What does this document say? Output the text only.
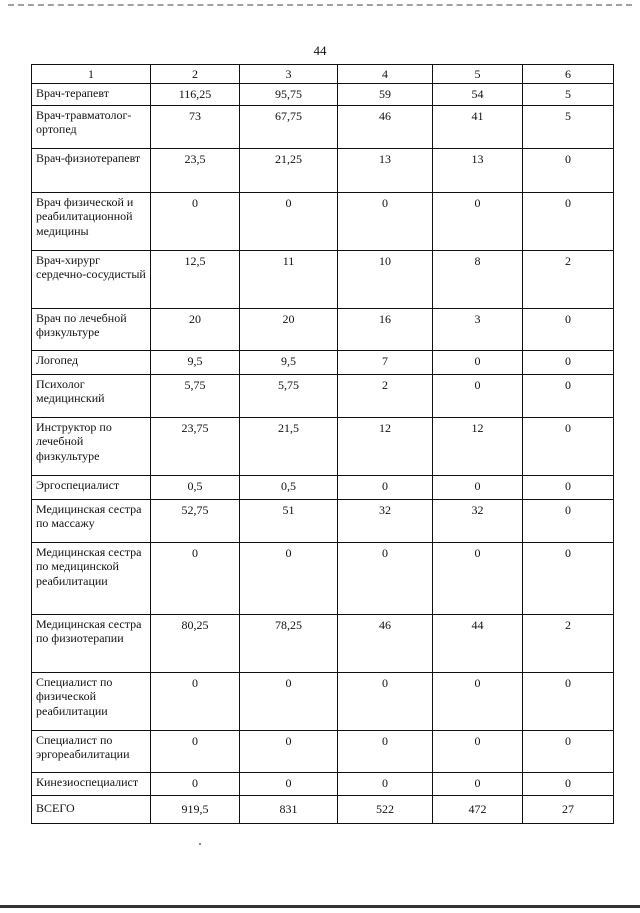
44
1	2	3	4	5	6
Врач-терапевт	116,25	95,75	59	54	5
Врач-травматолог-ортопед	73	67,75	46	41	5
Врач-физиотерапевт	23,5	21,25	13	13	0
Врач физической и реабилитационной медицины	0	0	0	0	0
Врач-хирург сердечно-сосудистый	12,5	11	10	8	2
Врач по лечебной физкультуре	20	20	16	3	0
Логопед	9,5	9,5	7	0	0
Психолог медицинский	5,75	5,75	2	0	0
Инструктор по лечебной физкультуре	23,75	21,5	12	12	0
Эргоспециалист	0,5	0,5	0	0	0
Медицинская сестра по массажу	52,75	51	32	32	0
Медицинская сестра по медицинской реабилитации	0	0	0	0	0
Медицинская сестра по физиотерапии	80,25	78,25	46	44	2
Специалист по физической реабилитации	0	0	0	0	0
Специалист по эргореабилитации	0	0	0	0	0
Кинезиоспециалист	0	0	0	0	0
ВСЕГО	919,5	831	522	472	27
